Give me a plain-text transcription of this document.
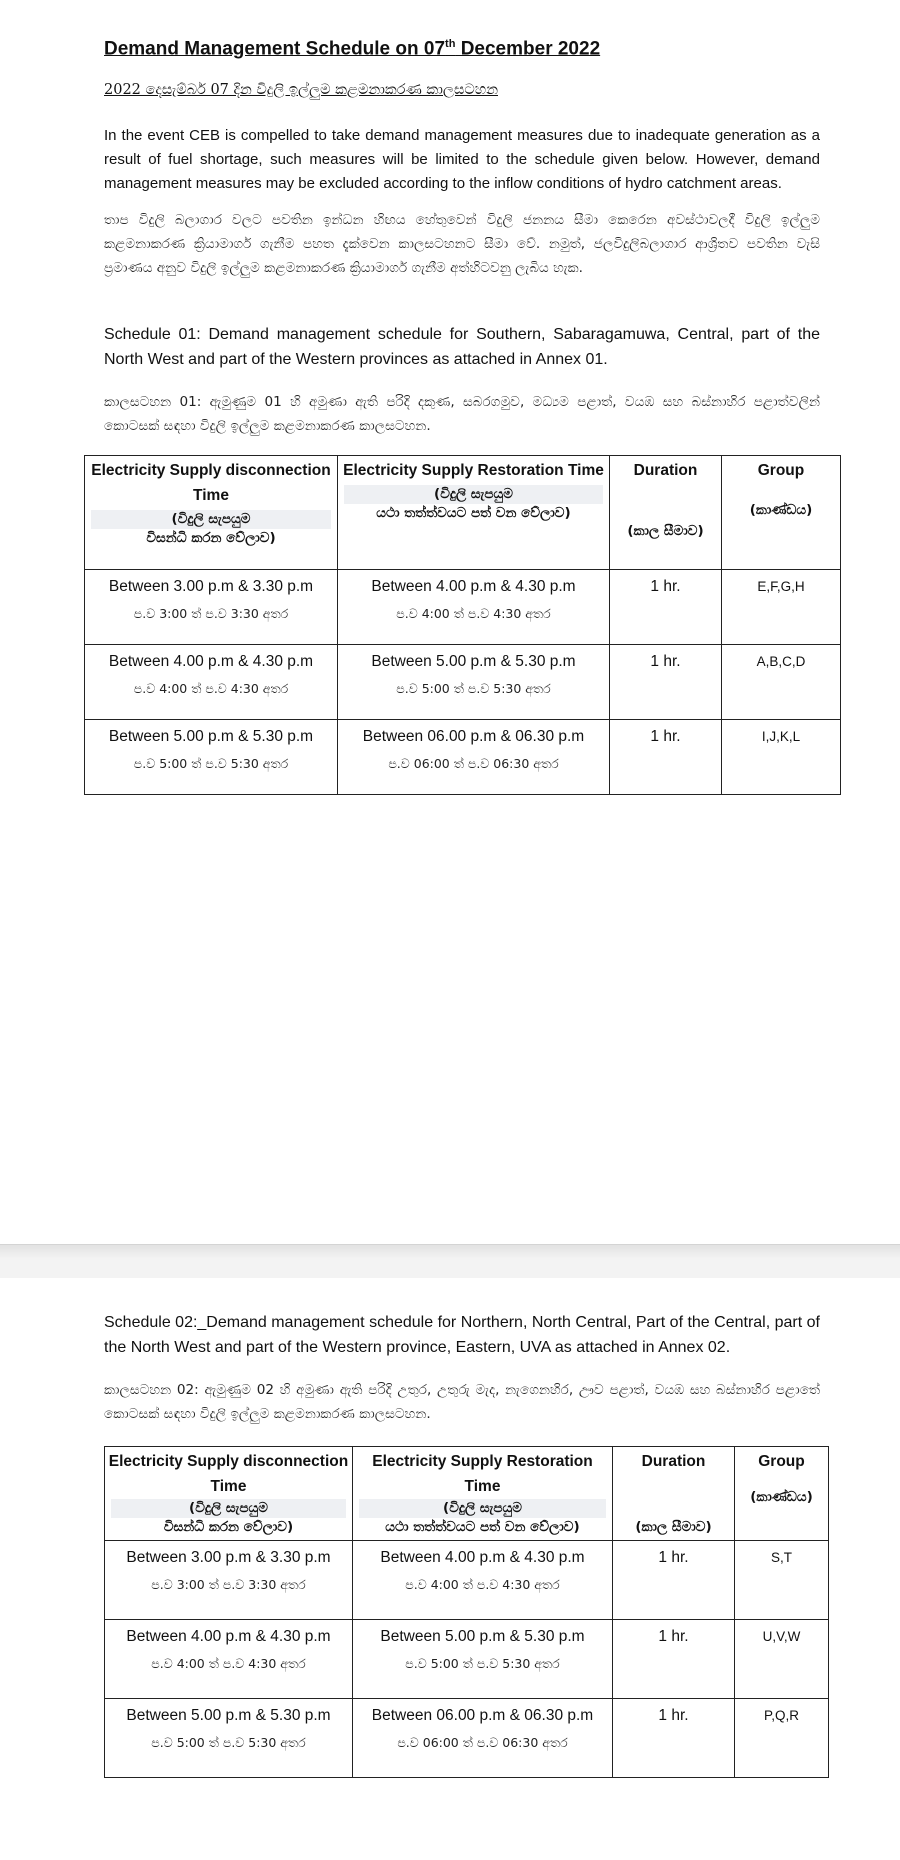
Demand Management Schedule on 07th December 2022
2022 දෙසැම්බර් 07 දින විදුලි ඉල්ලුම කළමනාකරණ කාලසටහන
In the event CEB is compelled to take demand management measures due to inadequate generation as a result of fuel shortage, such measures will be limited to the schedule given below. However, demand management measures may be excluded according to the inflow conditions of hydro catchment areas.
තාප විදුලි බලාගාර වලට පවතින ඉන්ධන හිඟය හේතුවෙන් විදුලි ජනනය සීමා කෙරෙන අවස්ථාවලදී විදුලි ඉල්ලුම කළමනාකරණ ක්‍රියාමාර්ග ගැනීම පහත දැක්වෙන කාලසටහනට සීමා වේ. නමුත්, ජලවිදුලිබලාගාර ආශ්‍රිතව පවතින වැසි ප්‍රමාණය අනුව විදුලි ඉල්ලුම කළමනාකරණ ක්‍රියාමාර්ග ගැනීම අත්හිටවනු ලැබිය හැක.
Schedule 01: Demand management schedule for Southern, Sabaragamuwa, Central, part of the North West and part of the Western provinces as attached in Annex 01.
කාලසටහන 01: ඇමුණුම 01 හි අමුණා ඇති පරිදි දකුණ, සබරගමුව, මධ්‍යම පළාත්, වයඹ සහ බස්නාහිර පළාත්වලින් කොටසක් සඳහා විදුලි ඉල්ලුම කළමනාකරණ කාලසටහන.
Electricity Supply disconnection Time
(විදුලි සැපයුම
විසන්ධි කරන වේලාව)	Electricity Supply Restoration Time
(විදුලි සැපයුම
යථා තත්ත්වයට පත් වන වේලාව)	Duration
(කාල සීමාව)	Group
(කාණ්ඩය)

Between 3.00 p.m & 3.30 p.m
ප.ව 3:00 ත් ප.ව 3:30 අතර	Between 4.00 p.m & 4.30 p.m
ප.ව 4:00 ත් ප.ව 4:30 අතර	1 hr.	E,F,G,H

Between 4.00 p.m & 4.30 p.m
ප.ව 4:00 ත් ප.ව 4:30 අතර	Between 5.00 p.m & 5.30 p.m
ප.ව 5:00 ත් ප.ව 5:30 අතර	1 hr.	A,B,C,D

Between 5.00 p.m & 5.30 p.m
ප.ව 5:00 ත් ප.ව 5:30 අතර	Between 06.00 p.m & 06.30 p.m
ප.ව 06:00 ත් ප.ව 06:30 අතර	1 hr.	I,J,K,L
Schedule 02:_Demand management schedule for Northern, North Central, Part of the Central, part of the North West and part of the Western province, Eastern, UVA as attached in Annex 02.
කාලසටහන 02: ඇමුණුම 02 හි අමුණා ඇති පරිදි උතුර, උතුරු මැද, නැගෙනහිර, ඌව පළාත්, වයඹ සහ බස්නාහිර පළාතේ කොටසක් සඳහා විදුලි ඉල්ලුම කළමනාකරණ කාලසටහන.
Electricity Supply disconnection Time
(විදුලි සැපයුම
විසන්ධි කරන වේලාව)	Electricity Supply Restoration Time
(විදුලි සැපයුම
යථා තත්ත්වයට පත් වන වේලාව)	Duration
(කාල සීමාව)	Group
(කාණ්ඩය)

Between 3.00 p.m & 3.30 p.m
ප.ව 3:00 ත් ප.ව 3:30 අතර	Between 4.00 p.m & 4.30 p.m
ප.ව 4:00 ත් ප.ව 4:30 අතර	1 hr.	S,T

Between 4.00 p.m & 4.30 p.m
ප.ව 4:00 ත් ප.ව 4:30 අතර	Between 5.00 p.m & 5.30 p.m
ප.ව 5:00 ත් ප.ව 5:30 අතර	1 hr.	U,V,W

Between 5.00 p.m & 5.30 p.m
ප.ව 5:00 ත් ප.ව 5:30 අතර	Between 06.00 p.m & 06.30 p.m
ප.ව 06:00 ත් ප.ව 06:30 අතර	1 hr.	P,Q,R
